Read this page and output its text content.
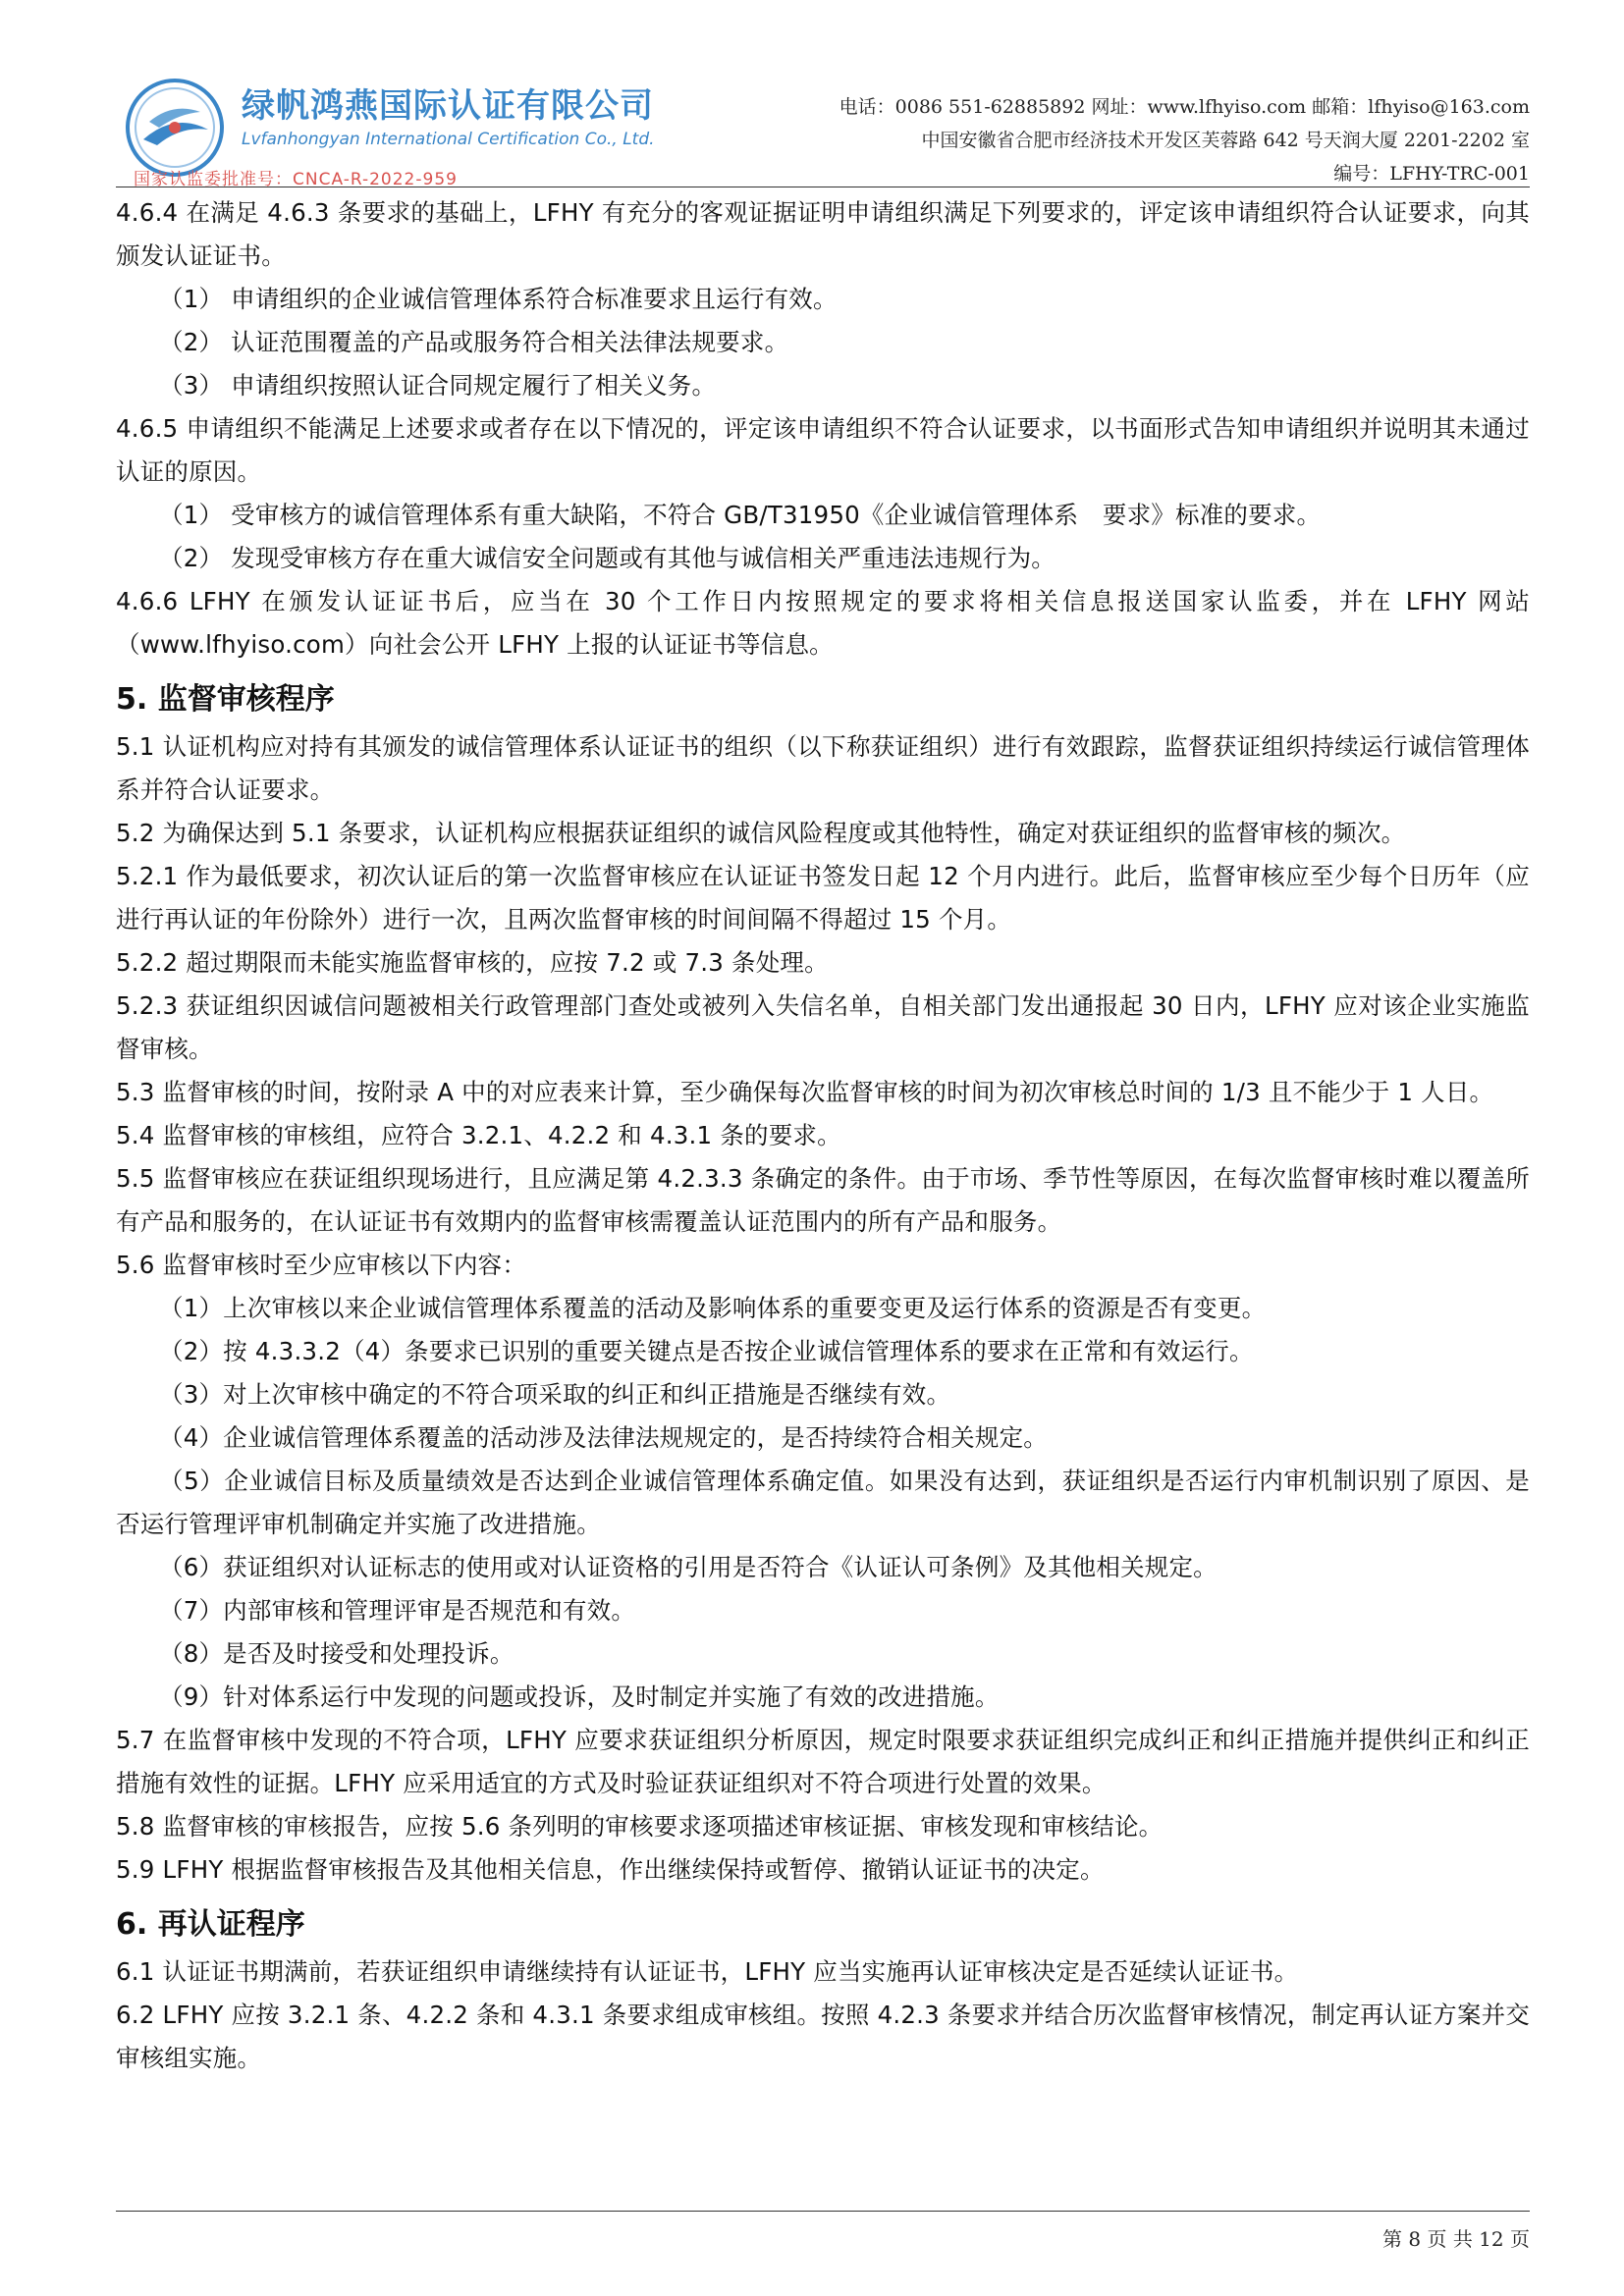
绿帆鸿燕国际认证有限公司
Lvfanhongyan International Certification Co., Ltd.
国家认监委批准号：CNCA-R-2022-959
电话：0086 551-62885892 网址：www.lfhyiso.com 邮箱：lfhyiso@163.com
中国安徽省合肥市经济技术开发区芙蓉路 642 号天润大厦 2201-2202 室
编号：LFHY-TRC-001

4.6.4 在满足 4.6.3 条要求的基础上，LFHY 有充分的客观证据证明申请组织满足下列要求的，评定该申请组织符合认证要求，向其颁发认证证书。

（1） 申请组织的企业诚信管理体系符合标准要求且运行有效。

（2） 认证范围覆盖的产品或服务符合相关法律法规要求。

（3） 申请组织按照认证合同规定履行了相关义务。

4.6.5 申请组织不能满足上述要求或者存在以下情况的，评定该申请组织不符合认证要求，以书面形式告知申请组织并说明其未通过认证的原因。

（1） 受审核方的诚信管理体系有重大缺陷，不符合 GB/T31950《企业诚信管理体系　要求》标准的要求。

（2） 发现受审核方存在重大诚信安全问题或有其他与诚信相关严重违法违规行为。

4.6.6 LFHY 在颁发认证证书后，应当在 30 个工作日内按照规定的要求将相关信息报送国家认监委，并在 LFHY 网站（www.lfhyiso.com）向社会公开 LFHY 上报的认证证书等信息。

5. 监督审核程序

5.1 认证机构应对持有其颁发的诚信管理体系认证证书的组织（以下称获证组织）进行有效跟踪，监督获证组织持续运行诚信管理体系并符合认证要求。

5.2 为确保达到 5.1 条要求，认证机构应根据获证组织的诚信风险程度或其他特性，确定对获证组织的监督审核的频次。

5.2.1 作为最低要求，初次认证后的第一次监督审核应在认证证书签发日起 12 个月内进行。此后，监督审核应至少每个日历年（应进行再认证的年份除外）进行一次，且两次监督审核的时间间隔不得超过 15 个月。

5.2.2 超过期限而未能实施监督审核的，应按 7.2 或 7.3 条处理。

5.2.3 获证组织因诚信问题被相关行政管理部门查处或被列入失信名单，自相关部门发出通报起 30 日内，LFHY 应对该企业实施监督审核。

5.3 监督审核的时间，按附录 A 中的对应表来计算，至少确保每次监督审核的时间为初次审核总时间的 1/3 且不能少于 1 人日。

5.4 监督审核的审核组，应符合 3.2.1、4.2.2 和 4.3.1 条的要求。

5.5 监督审核应在获证组织现场进行，且应满足第 4.2.3.3 条确定的条件。由于市场、季节性等原因，在每次监督审核时难以覆盖所有产品和服务的，在认证证书有效期内的监督审核需覆盖认证范围内的所有产品和服务。

5.6 监督审核时至少应审核以下内容：

（1）上次审核以来企业诚信管理体系覆盖的活动及影响体系的重要变更及运行体系的资源是否有变更。

（2）按 4.3.3.2（4）条要求已识别的重要关键点是否按企业诚信管理体系的要求在正常和有效运行。

（3）对上次审核中确定的不符合项采取的纠正和纠正措施是否继续有效。

（4）企业诚信管理体系覆盖的活动涉及法律法规规定的，是否持续符合相关规定。

（5）企业诚信目标及质量绩效是否达到企业诚信管理体系确定值。如果没有达到，获证组织是否运行内审机制识别了原因、是否运行管理评审机制确定并实施了改进措施。

（6）获证组织对认证标志的使用或对认证资格的引用是否符合《认证认可条例》及其他相关规定。

（7）内部审核和管理评审是否规范和有效。

（8）是否及时接受和处理投诉。

（9）针对体系运行中发现的问题或投诉，及时制定并实施了有效的改进措施。

5.7 在监督审核中发现的不符合项，LFHY 应要求获证组织分析原因，规定时限要求获证组织完成纠正和纠正措施并提供纠正和纠正措施有效性的证据。LFHY 应采用适宜的方式及时验证获证组织对不符合项进行处置的效果。

5.8 监督审核的审核报告，应按 5.6 条列明的审核要求逐项描述审核证据、审核发现和审核结论。

5.9 LFHY 根据监督审核报告及其他相关信息，作出继续保持或暂停、撤销认证证书的决定。

6. 再认证程序

6.1 认证证书期满前，若获证组织申请继续持有认证证书，LFHY 应当实施再认证审核决定是否延续认证证书。

6.2 LFHY 应按 3.2.1 条、4.2.2 条和 4.3.1 条要求组成审核组。按照 4.2.3 条要求并结合历次监督审核情况，制定再认证方案并交审核组实施。

第 8 页 共 12 页
